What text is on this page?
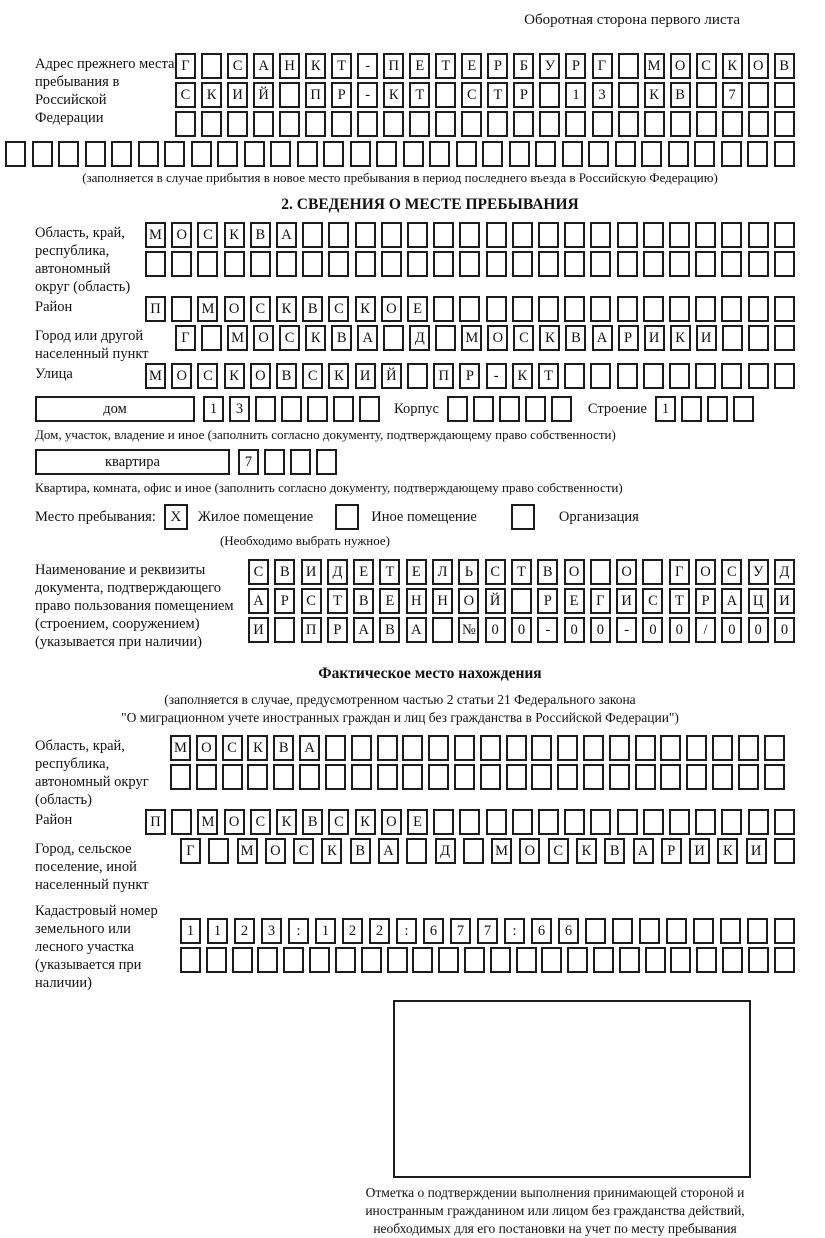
Оборотная сторона первого листа
Адрес прежнего места пребывания в Российской Федерации
Г	С	А	Н	К	Т	-	П	Е	Т	Е	Р	Б	У	Р	Г	М О	С	К	О	В
С	К	И	Й	П	Р	-	К	Т	С	Т	Р	1	3	К	В	7
(заполняется в случае прибытия в новое место пребывания в период последнего въезда в Российскую Федерацию)
2. СВЕДЕНИЯ О МЕСТЕ ПРЕБЫВАНИЯ
Область, край, республика, автономный округ (область)
М	О	С	К	В	А
Район	П	М	О	С	К	В	С	К	О	Е
Город или другой населенный пункт
Г	М О	С	К	В	А	Д	М О	С	К	В	А	Р	И	К	И
Улица	М	О	С	К	О	В	С	К	И	Й	П	Р	-	К	Т
дом	1	3	Корпус	Строение	1
Дом, участок, владение и иное (заполнить согласно документу, подтверждающему право собственности)
квартира	7
Квартира, комната, офис и иное (заполнить согласно документу, подтверждающему право собственности)
Место пребывания: X	Жилое помещение	Иное помещение	Организация
(Необходимо выбрать нужное)
Наименование и реквизиты документа, подтверждающего право пользования помещением (строением, сооружением) (указывается при наличии)
С	В	И	Д	Е	Т	Е	Л	Ь	С	Т	В	О	О	Г	О	С	У	Д
А	Р	С	Т	В	Е	Н	Н	О	Й	Р	Е	Г	И	С	Т	Р	А	Ц	И
И	П	Р	А	В	А	№	0	0	-	0	0	-	0	0	/	0	0	0
Фактическое место нахождения
(заполняется в случае, предусмотренном частью 2 статьи 21 Федерального закона
"О миграционном учете иностранных граждан и лиц без гражданства в Российской Федерации")
Область, край, республика, автономный округ (область)
М О	С	К	В	А
Район	П	М	О	С	К	В	С	К	О	Е
Город, сельское поселение, иной населенный пункт
Г	М	О	С	К	В	А	Д	М	О	С	К	В	А	Р	И	К	И
Кадастровый номер земельного или лесного участка (указывается при наличии)
1	1	2	3	:	1	2	2	:	6	7	7	:	6	6
Отметка о подтверждении выполнения принимающей стороной и иностранным гражданином или лицом без гражданства действий, необходимых для его постановки на учет по месту пребывания
